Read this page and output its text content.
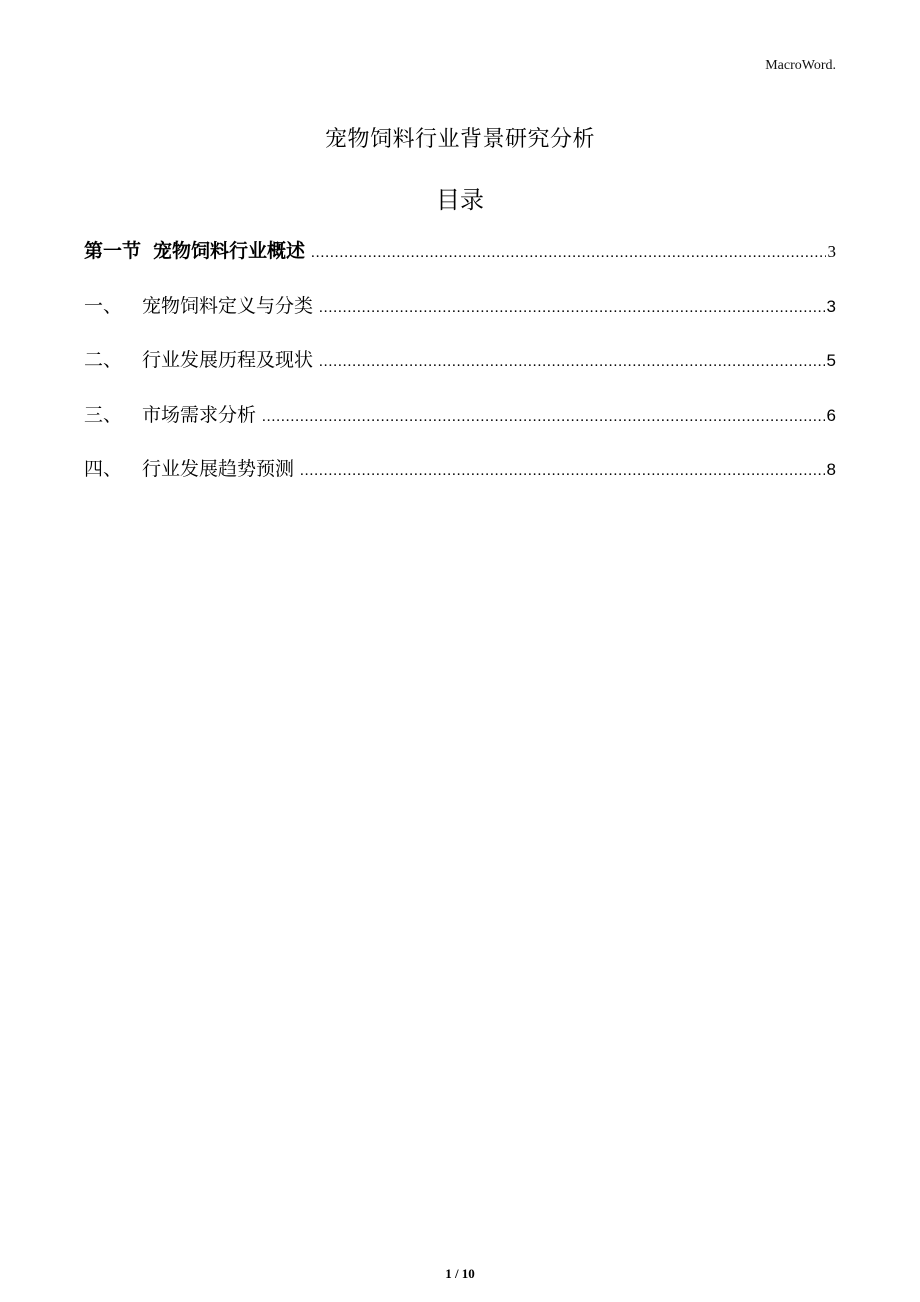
MacroWord.
宠物饲料行业背景研究分析
目录
第一节 宠物饲料行业概述 .....	3
一、	宠物饲料定义与分类 .....	3
二、	行业发展历程及现状 .....	5
三、	市场需求分析 .....	6
四、	行业发展趋势预测 .....	8
1 / 10
